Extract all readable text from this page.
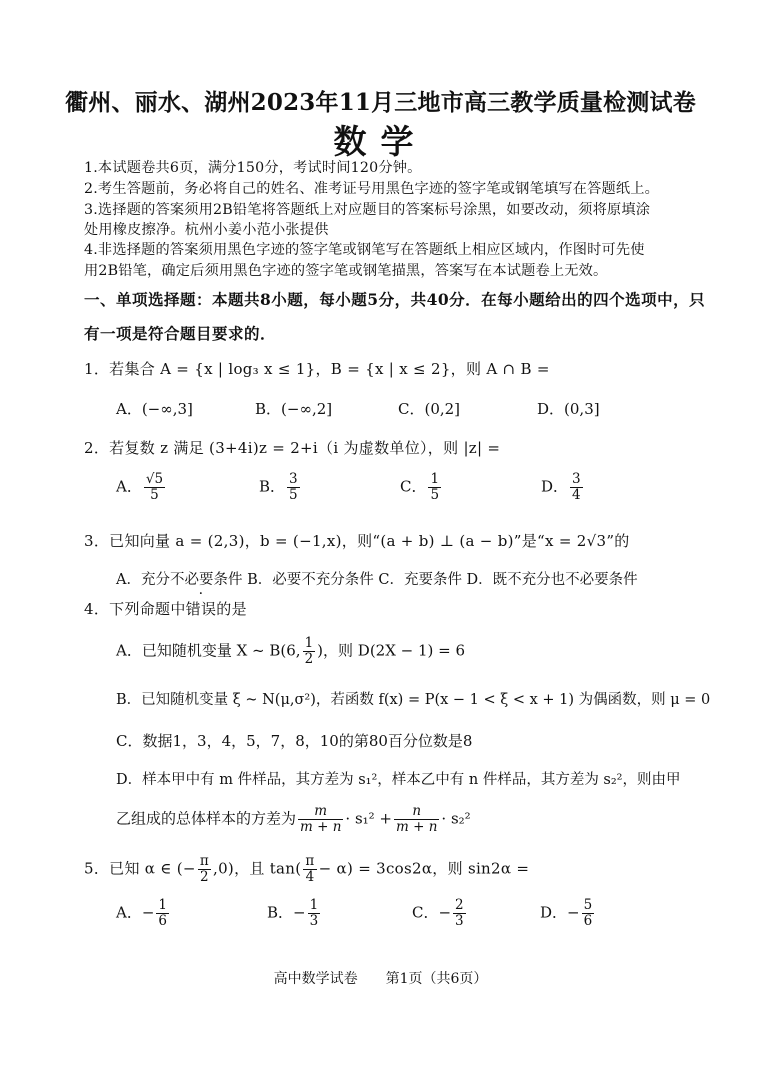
衢州、丽水、湖州2023年11月三地市高三教学质量检测试卷
数学
1.本试题卷共6页，满分150分，考试时间120分钟。
2.考生答题前，务必将自己的姓名、准考证号用黑色字迹的签字笔或钢笔填写在答题纸上。
3.选择题的答案须用2B铅笔将答题纸上对应题目的答案标号涂黑，如要改动，须将原填涂
处用橡皮擦净。杭州小姜小范小张提供
4.非选择题的答案须用黑色字迹的签字笔或钢笔写在答题纸上相应区域内，作图时可先使
用2B铅笔，确定后须用黑色字迹的签字笔或钢笔描黑，答案写在本试题卷上无效。
一、单项选择题：本题共8小题，每小题5分，共40分．在每小题给出的四个选项中，只
有一项是符合题目要求的．
1．若集合 A = {x | log₃ x ≤ 1}，B = {x | x ≤ 2}，则 A ∩ B =
A．(−∞,3]	B．(−∞,2]	C．(0,2]	D．(0,3]
2．若复数 z 满足 (3+4i)z = 2+i（i 为虚数单位），则 |z| =
A． $\frac{√5}{5}$	B． $\frac{3}{5}$	C． $\frac{1}{5}$	D． $\frac{3}{4}$
3．已知向量 a = (2,3)，b = (−1,x)，则“(a + b) ⊥ (a − b)”是“x = 2√3”的
A．充分不必要条件 B．必要不充分条件 C．充要条件 D．既不充分也不必要条件
4．下列命题中错误的是
A．已知随机变量 X ~ B(6, $\frac{1}{2}$ )，则 D(2X − 1) = 6
B．已知随机变量 ξ ~ N(μ,σ²)，若函数 f(x) = P(x − 1 < ξ < x + 1) 为偶函数，则 μ = 0
C．数据1，3，4，5，7，8，10的第80百分位数是8
D．样本甲中有 m 件样品，其方差为 s₁²，样本乙中有 n 件样品，其方差为 s₂²，则由甲
乙组成的总体样本的方差为 $\frac{m}{m + n} \cdot s_1^2 + \frac{n}{m + n} \cdot s_2^2$
5．已知 α ∈ (− $\frac{\pi}{2} ,0$)，且 $\tan( \frac{\pi}{4} - \alpha) = 3\cos 2\alpha$，则 sin2α =
A．− $\frac{1}{6}$	B．− $\frac{1}{3}$	C．− $\frac{2}{3}$	D．− $\frac{5}{6}$
高中数学试卷　　第1页（共6页）
